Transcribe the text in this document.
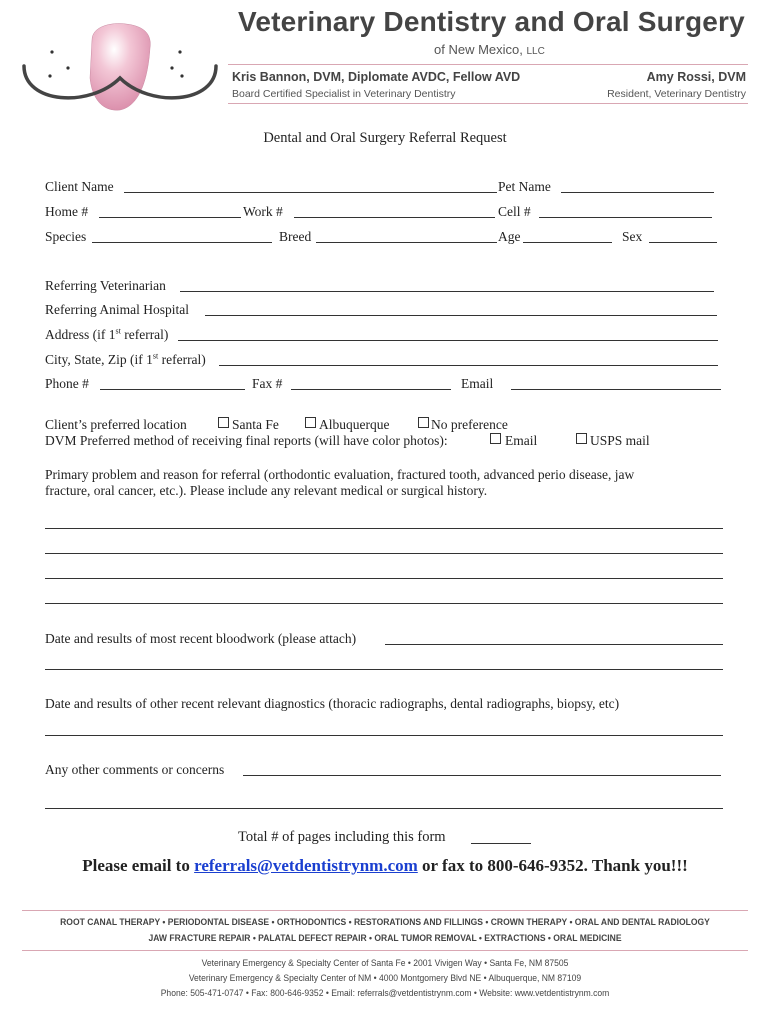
Veterinary Dentistry and Oral Surgery
of New Mexico, LLC
Kris Bannon, DVM, Diplomate AVDC, Fellow AVD
Board Certified Specialist in Veterinary Dentistry
Amy Rossi, DVM
Resident, Veterinary Dentistry
Dental and Oral Surgery Referral Request
Client Name	Pet Name
Home #	Work #	Cell #
Species	Breed	Age	Sex
Referring Veterinarian
Referring Animal Hospital
Address (if 1st referral)
City, State, Zip (if 1st referral)
Phone #	Fax #	Email
Client’s preferred location	Santa Fe	Albuquerque	No preference
DVM Preferred method of receiving final reports (will have color photos):	Email	USPS mail
Primary problem and reason for referral (orthodontic evaluation, fractured tooth, advanced perio disease, jaw
fracture, oral cancer, etc.). Please include any relevant medical or surgical history.
Date and results of most recent bloodwork (please attach)
Date and results of other recent relevant diagnostics (thoracic radiographs, dental radiographs, biopsy, etc)
Any other comments or concerns
Total # of pages including this form
Please email to referrals@vetdentistrynm.com or fax to 800-646-9352. Thank you!!!
ROOT CANAL THERAPY • PERIODONTAL DISEASE • ORTHODONTICS • RESTORATIONS AND FILLINGS • CROWN THERAPY • ORAL AND DENTAL RADIOLOGY
JAW FRACTURE REPAIR • PALATAL DEFECT REPAIR • ORAL TUMOR REMOVAL • EXTRACTIONS • ORAL MEDICINE
Veterinary Emergency & Specialty Center of Santa Fe • 2001 Vivigen Way • Santa Fe, NM 87505
Veterinary Emergency & Specialty Center of NM • 4000 Montgomery Blvd NE • Albuquerque, NM 87109
Phone: 505-471-0747 • Fax: 800-646-9352 • Email: referrals@vetdentistrynm.com • Website: www.vetdentistrynm.com
